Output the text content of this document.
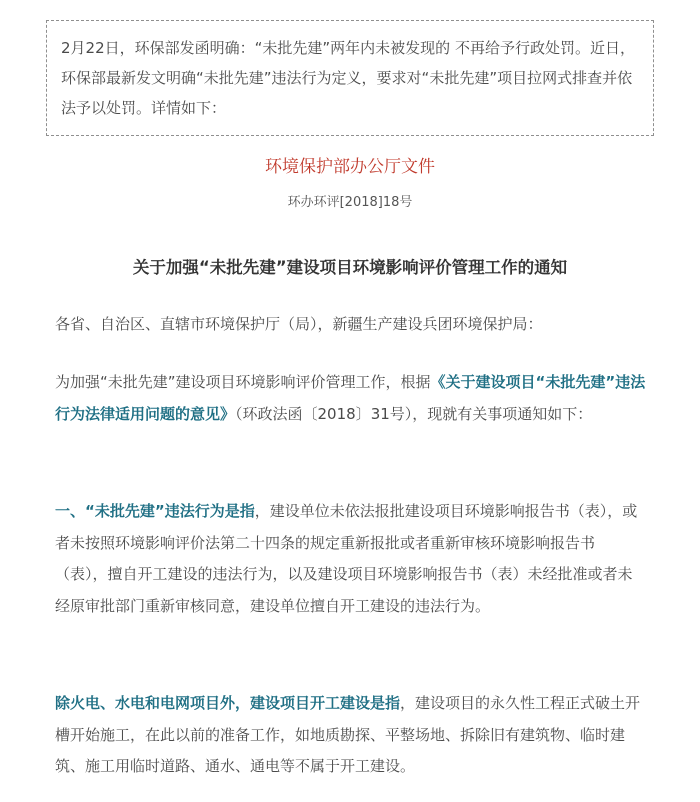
2月22日，环保部发函明确：“未批先建”两年内未被发现的 不再给予行政处罚。近日，环保部最新发文明确“未批先建”违法行为定义，要求对“未批先建”项目拉网式排查并依法予以处罚。详情如下：
环境保护部办公厅文件
环办环评[2018]18号
关于加强“未批先建”建设项目环境影响评价管理工作的通知
各省、自治区、直辖市环境保护厅（局），新疆生产建设兵团环境保护局：
为加强“未批先建”建设项目环境影响评价管理工作，根据《关于建设项目“未批先建”违法行为法律适用问题的意见》（环政法函〔2018〕31号），现就有关事项通知如下：
一、“未批先建”违法行为是指，建设单位未依法报批建设项目环境影响报告书（表），或者未按照环境影响评价法第二十四条的规定重新报批或者重新审核环境影响报告书（表），擅自开工建设的违法行为，以及建设项目环境影响报告书（表）未经批准或者未经原审批部门重新审核同意，建设单位擅自开工建设的违法行为。
除火电、水电和电网项目外，建设项目开工建设是指，建设项目的永久性工程正式破土开槽开始施工，在此以前的准备工作，如地质勘探、平整场地、拆除旧有建筑物、临时建筑、施工用临时道路、通水、通电等不属于开工建设。
